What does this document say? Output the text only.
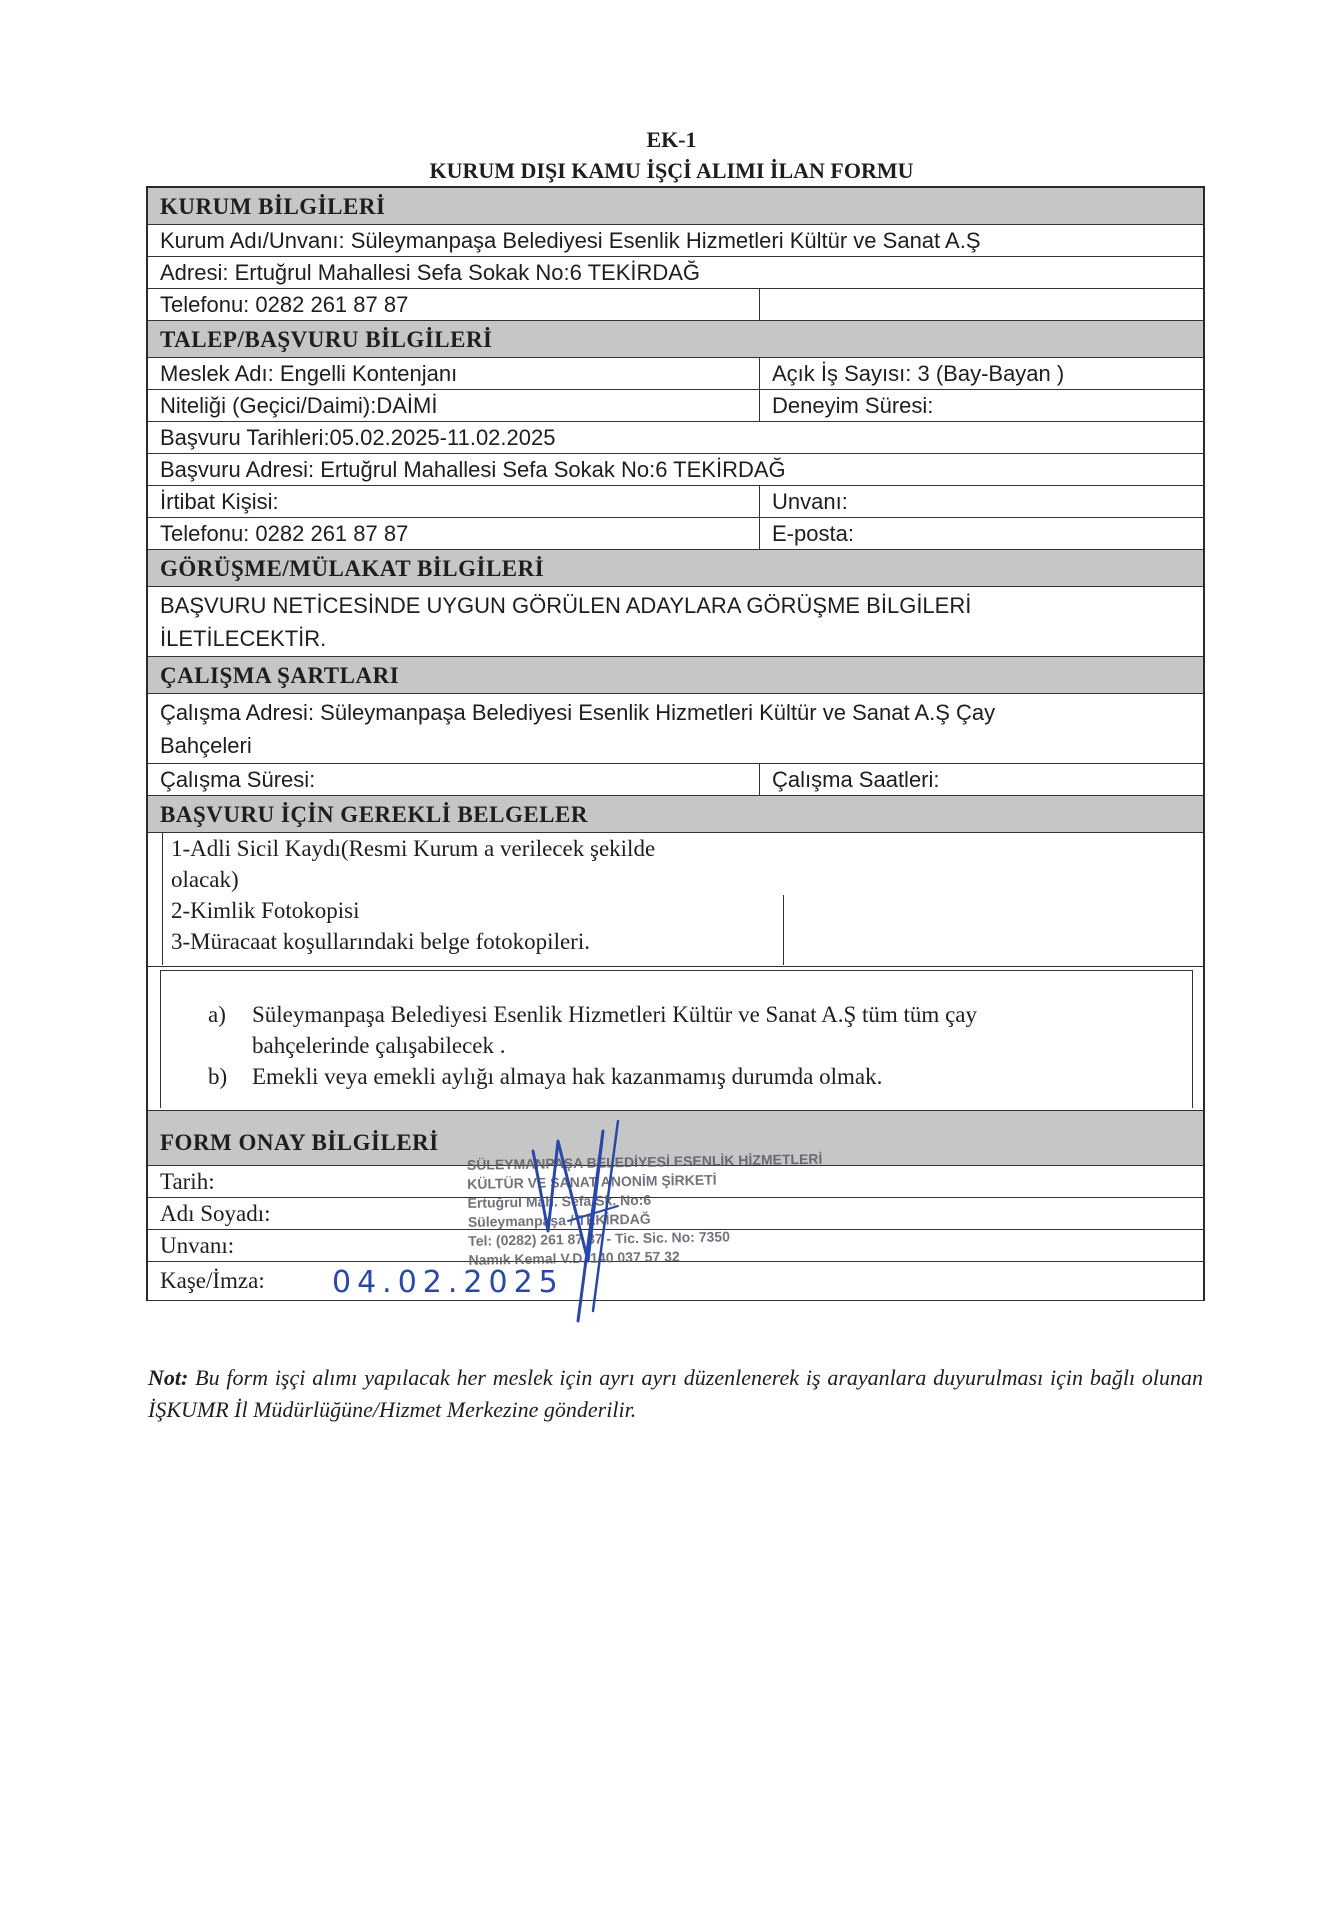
EK-1
KURUM DIŞI KAMU İŞÇİ ALIMI İLAN FORMU
KURUM BİLGİLERİ
Kurum Adı/Unvanı: Süleymanpaşa Belediyesi Esenlik Hizmetleri Kültür ve Sanat A.Ş
Adresi: Ertuğrul Mahallesi Sefa Sokak No:6 TEKİRDAĞ
Telefonu: 0282 261 87 87
TALEP/BAŞVURU BİLGİLERİ
Meslek Adı: Engelli Kontenjanı	Açık İş Sayısı: 3 (Bay-Bayan )
Niteliği (Geçici/Daimi):DAİMİ	Deneyim Süresi:
Başvuru Tarihleri:05.02.2025-11.02.2025
Başvuru Adresi: Ertuğrul Mahallesi Sefa Sokak No:6 TEKİRDAĞ
İrtibat Kişisi:	Unvanı:
Telefonu: 0282 261 87 87	E-posta:
GÖRÜŞME/MÜLAKAT BİLGİLERİ
BAŞVURU NETİCESİNDE UYGUN GÖRÜLEN ADAYLARA GÖRÜŞME BİLGİLERİ
İLETİLECEKTİR.
ÇALIŞMA ŞARTLARI
Çalışma Adresi: Süleymanpaşa Belediyesi Esenlik Hizmetleri Kültür ve Sanat A.Ş Çay
Bahçeleri
Çalışma Süresi:	Çalışma Saatleri:
BAŞVURU İÇİN GEREKLİ BELGELER
1-Adli Sicil Kaydı(Resmi Kurum a verilecek şekilde
olacak)
2-Kimlik Fotokopisi
3-Müracaat koşullarındaki belge fotokopileri.
a)	Süleymanpaşa Belediyesi Esenlik Hizmetleri Kültür ve Sanat A.Ş tüm tüm çay
bahçelerinde çalışabilecek .
b)	Emekli veya emekli aylığı almaya hak kazanmamış durumda olmak.
FORM ONAY BİLGİLERİ
Tarih:
Adı Soyadı:
Unvanı:
Kaşe/İmza:	04.02.2025
SÜLEYMANPAŞA BELEDİYESİ ESENLİK HİZMETLERİ
KÜLTÜR VE SANAT ANONİM ŞİRKETİ
Ertuğrul Mah. Sefa Sk. No:6
Süleymanpaşa / TEKİRDAĞ
Tel: (0282) 261 87 87 - Tic. Sic. No: 7350
Namık Kemal V.D. 140 037 57 32
Not: Bu form işçi alımı yapılacak her meslek için ayrı ayrı düzenlenerek iş arayanlara duyurulması için bağlı olunan İŞKUMR İl Müdürlüğüne/Hizmet Merkezine gönderilir.
